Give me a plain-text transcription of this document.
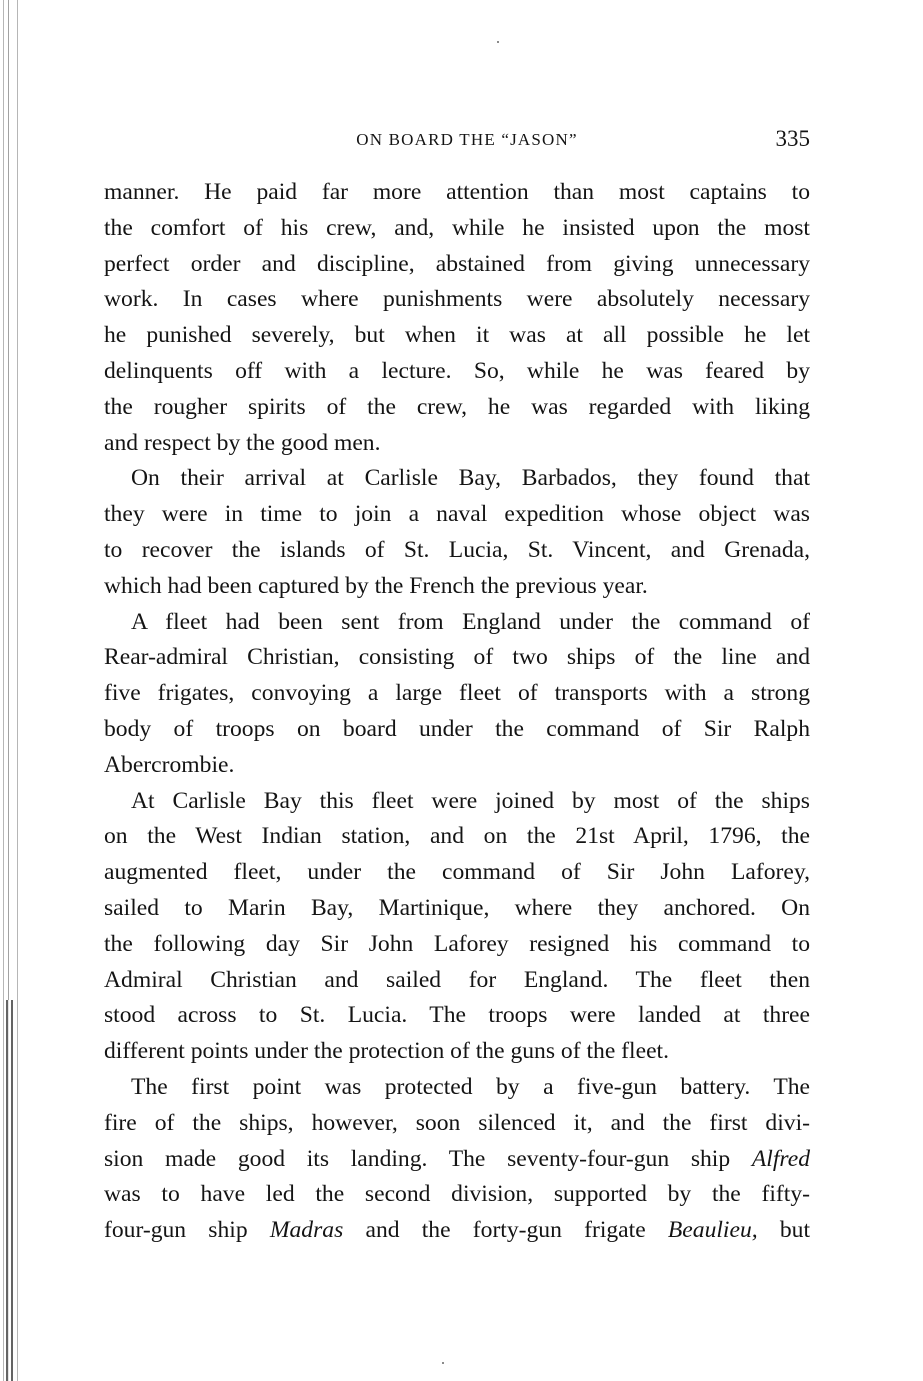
ON BOARD THE “JASON”	335
manner. He paid far more attention than most captains to
the comfort of his crew, and, while he insisted upon the most
perfect order and discipline, abstained from giving unnecessary
work. In cases where punishments were absolutely necessary
he punished severely, but when it was at all possible he let
delinquents off with a lecture. So, while he was feared by
the rougher spirits of the crew, he was regarded with liking
and respect by the good men.
On their arrival at Carlisle Bay, Barbados, they found that
they were in time to join a naval expedition whose object was
to recover the islands of St. Lucia, St. Vincent, and Grenada,
which had been captured by the French the previous year.
A fleet had been sent from England under the command of
Rear-admiral Christian, consisting of two ships of the line and
five frigates, convoying a large fleet of transports with a strong
body of troops on board under the command of Sir Ralph
Abercrombie.
At Carlisle Bay this fleet were joined by most of the ships
on the West Indian station, and on the 21st April, 1796, the
augmented fleet, under the command of Sir John Laforey,
sailed to Marin Bay, Martinique, where they anchored. On
the following day Sir John Laforey resigned his command to
Admiral Christian and sailed for England. The fleet then
stood across to St. Lucia. The troops were landed at three
different points under the protection of the guns of the fleet.
The first point was protected by a five-gun battery. The
fire of the ships, however, soon silenced it, and the first divi-
sion made good its landing. The seventy-four-gun ship Alfred
was to have led the second division, supported by the fifty-
four-gun ship Madras and the forty-gun frigate Beaulieu, but
